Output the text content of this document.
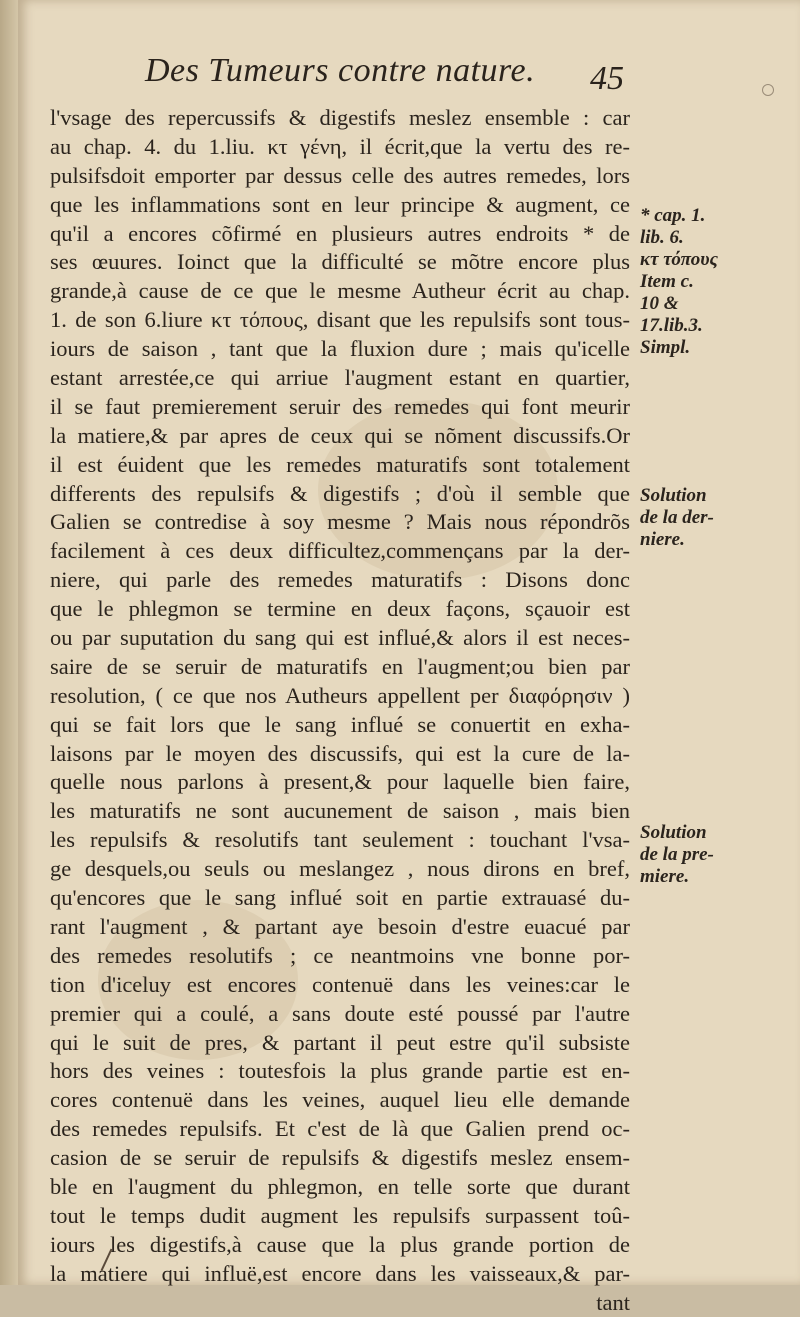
Des Tumeurs contre nature.	45
l'vsage des repercussifs & digestifs meslez ensemble : car
au chap. 4. du 1.liu. κτ γένη, il écrit,que la vertu des re-
pulsifsdoit emporter par dessus celle des autres remedes, lors
que les inflammations sont en leur principe & augment, ce
qu'il a encores cõfirmé en plusieurs autres endroits * de
ses œuures. Ioinct que la difficulté se mõtre encore plus
grande,à cause de ce que le mesme Autheur écrit au chap.
1. de son 6.liure κτ τόπους, disant que les repulsifs sont tous-
iours de saison , tant que la fluxion dure ; mais qu'icelle
estant arrestée,ce qui arriue l'augment estant en quartier,
il se faut premierement seruir des remedes qui font meurir
la matiere,& par apres de ceux qui se nõment discussifs.Or
il est éuident que les remedes maturatifs sont totalement
differents des repulsifs & digestifs ; d'où il semble que
Galien se contredise à soy mesme ? Mais nous répondrõs
facilement à ces deux difficultez,commençans par la der-
niere, qui parle des remedes maturatifs : Disons donc
que le phlegmon se termine en deux façons, sçauoir est
ou par suputation du sang qui est influé,& alors il est neces-
saire de se seruir de maturatifs en l'augment;ou bien par
resolution, ( ce que nos Autheurs appellent per διαφόρησιν )
qui se fait lors que le sang influé se conuertit en exha-
laisons par le moyen des discussifs, qui est la cure de la-
quelle nous parlons à present,& pour laquelle bien faire,
les maturatifs ne sont aucunement de saison , mais bien
les repulsifs & resolutifs tant seulement : touchant l'vsa-
ge desquels,ou seuls ou meslangez , nous dirons en bref,
qu'encores que le sang influé soit en partie extrauasé du-
rant l'augment , & partant aye besoin d'estre euacué par
des remedes resolutifs ; ce neantmoins vne bonne por-
tion d'iceluy est encores contenuë dans les veines:car le
premier qui a coulé, a sans doute esté poussé par l'autre
qui le suit de pres, & partant il peut estre qu'il subsiste
hors des veines : toutesfois la plus grande partie est en-
cores contenuë dans les veines, auquel lieu elle demande
des remedes repulsifs. Et c'est de là que Galien prend oc-
casion de se seruir de repulsifs & digestifs meslez ensem-
ble en l'augment du phlegmon, en telle sorte que durant
tout le temps dudit augment les repulsifs surpassent toû-
iours les digestifs,à cause que la plus grande portion de
la matiere qui influë,est encore dans les vaisseaux,& par-
tant
* cap. 1.
lib. 6.
κτ τόπους
Item c.
10 &
17.lib.3.
Simpl.
Solution
de la der-
niere.
Solution
de la pre-
miere.
